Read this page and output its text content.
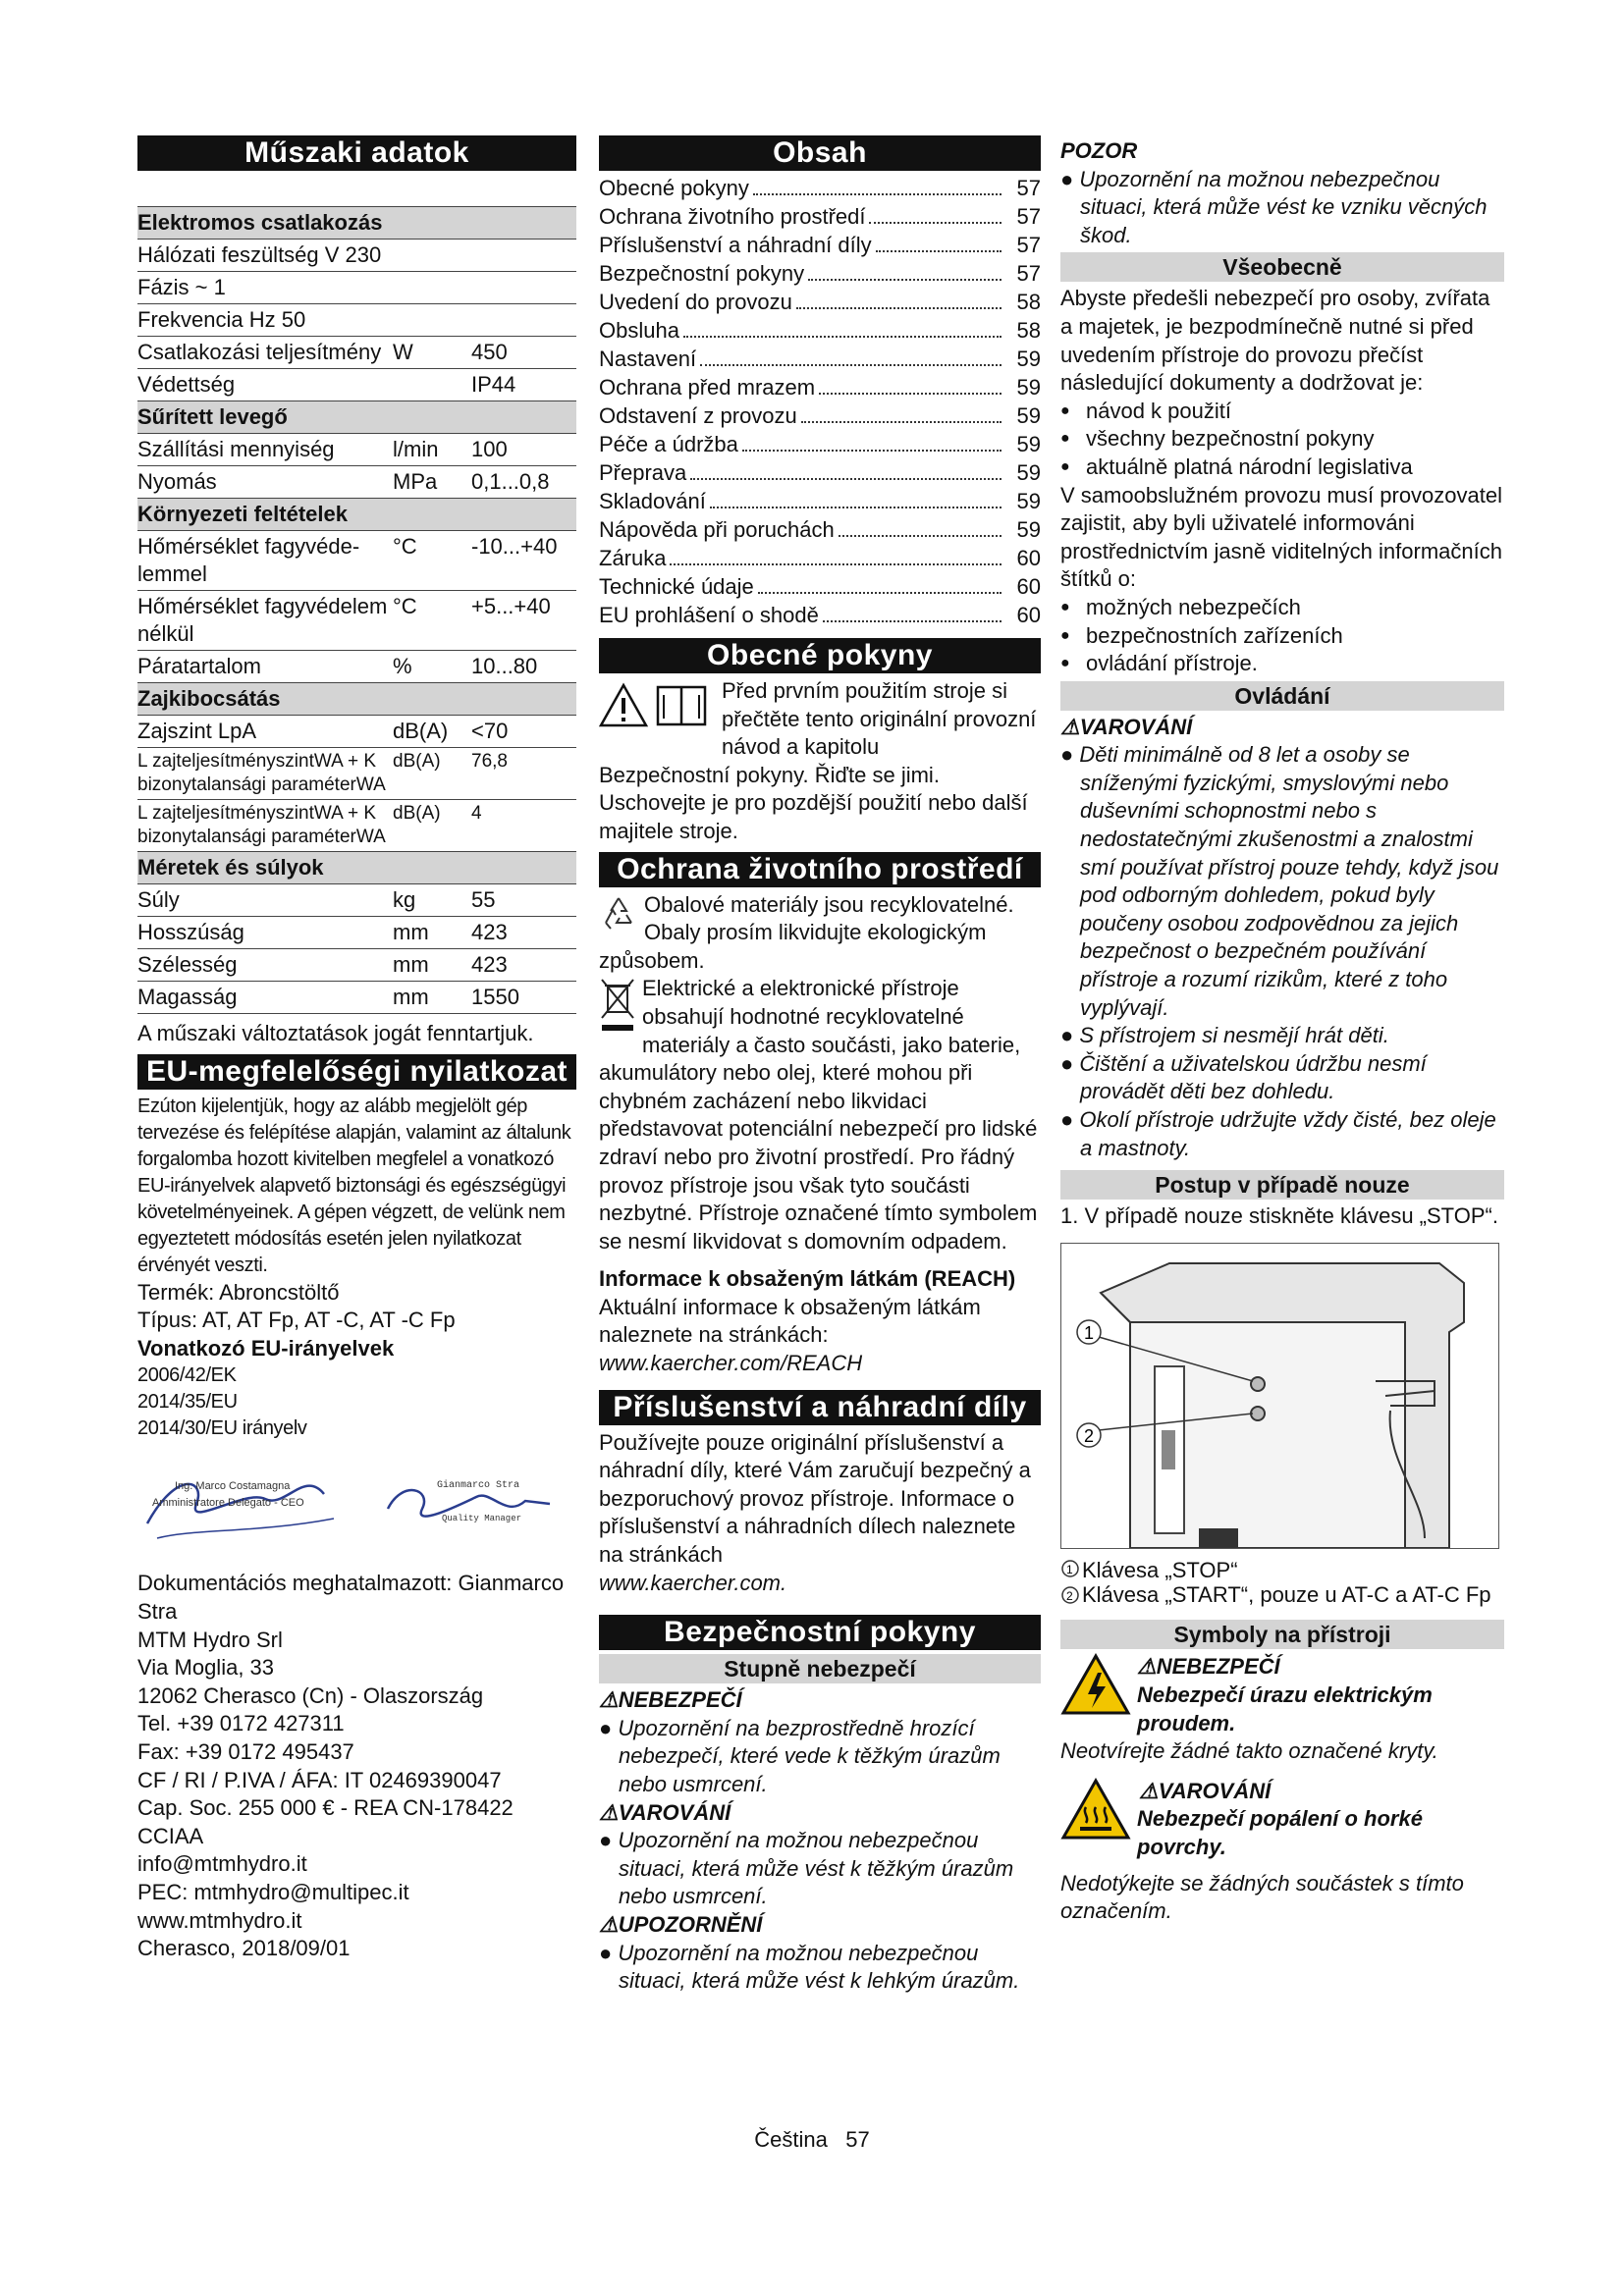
Műszaki adatok

Elektromos csatlakozás		
Hálózati feszültség V 230		
Fázis ~ 1		
Frekvencia Hz 50		
Csatlakozási teljesítmény	W	450
Védettség		IP44
Sűrített levegő		
Szállítási mennyiség	l/min	100
Nyomás	MPa	0,1...0,8
Környezeti feltételek		
Hőmérséklet fagyvédelemmel	°C	-10...+40
Hőmérséklet fagyvédelem nélkül	°C	+5...+40
Páratartalom	%	10...80
Zajkibocsátás		
Zajszint LpA	dB(A)	<70
L zajteljesítményszintWA + K bizonytalansági paraméterWA	dB(A)	76,8
L zajteljesítményszintWA + K bizonytalansági paraméterWA	dB(A)	4
Méretek és súlyok		
Súly	kg	55
Hosszúság	mm	423
Szélesség	mm	423
Magasság	mm	1550

A műszaki változtatások jogát fenntartjuk.

EU-megfelelőségi nyilatkozat

Ezúton kijelentjük, hogy az alább megjelölt gép tervezése és felépítése alapján, valamint az általunk forgalomba hozott kivitelben megfelel a vonatkozó EU-irányelvek alapvető biztonsági és egészségügyi követelményeinek. A gépen végzett, de velünk nem egyeztetett módosítás esetén jelen nyilatkozat érvényét veszti.

Termék: Abroncstöltő

Típus: AT, AT Fp, AT -C, AT -C Fp

Vonatkozó EU-irányelvek

2006/42/EK

2014/35/EU

2014/30/EU irányelv

Ing. Marco Costamagna
Amministratore Delegato - CEO
Gianmarco Stra
Quality Manager

Dokumentációs meghatalmazott: Gianmarco Stra

MTM Hydro Srl

Via Moglia, 33

12062 Cherasco (Cn) - Olaszország

Tel. +39 0172 427311

Fax: +39 0172 495437

CF / RI / P.IVA / ÁFA: IT 02469390047

Cap. Soc. 255 000 € - REA CN-178422 CCIAA

info@mtmhydro.it

PEC: mtmhydro@multipec.it

www.mtmhydro.it

Cherasco, 2018/09/01

Obsah
Obecné pokyny	57
Ochrana životního prostředí	57
Příslušenství a náhradní díly	57
Bezpečnostní pokyny	57
Uvedení do provozu	58
Obsluha	58
Nastavení	59
Ochrana před mrazem	59
Odstavení z provozu	59
Péče a údržba	59
Přeprava	59
Skladování	59
Nápověda při poruchách	59
Záruka	60
Technické údaje	60
EU prohlášení o shodě	60
Obecné pokyny

Před prvním použitím stroje si přečtěte tento originální provozní návod a kapitolu

Bezpečnostní pokyny. Řiďte se jimi. Uschovejte je pro pozdější použití nebo další majitele stroje.

Ochrana životního prostředí

Obalové materiály jsou recyklovatelné. Obaly prosím likvidujte ekologickým způsobem.

Elektrické a elektronické přístroje obsahují hodnotné recyklovatelné materiály a často součásti, jako baterie, akumulátory nebo olej, které mohou při chybném zacházení nebo likvidaci představovat potenciální nebezpečí pro lidské zdraví nebo pro životní prostředí. Pro řádný provoz přístroje jsou však tyto součásti nezbytné. Přístroje označené tímto symbolem se nesmí likvidovat s domovním odpadem.

Informace k obsaženým látkám (REACH)

Aktuální informace k obsaženým látkám naleznete na stránkách:

www.kaercher.com/REACH

Příslušenství a náhradní díly

Používejte pouze originální příslušenství a náhradní díly, které Vám zaručují bezpečný a bezporuchový provoz přístroje. Informace o příslušenství a náhradních dílech naleznete na stránkách

www.kaercher.com.

Bezpečnostní pokyny
Stupně nebezpečí

⚠NEBEZPEČÍ

● Upozornění na bezprostředně hrozící nebezpečí, které vede k těžkým úrazům nebo usmrcení.

⚠VAROVÁNÍ

● Upozornění na možnou nebezpečnou situaci, která může vést k těžkým úrazům nebo usmrcení.

⚠UPOZORNĚNÍ

● Upozornění na možnou nebezpečnou situaci, která může vést k lehkým úrazům.

POZOR

● Upozornění na možnou nebezpečnou situaci, která může vést ke vzniku věcných škod.

Všeobecně

Abyste předešli nebezpečí pro osoby, zvířata a majetek, je bezpodmínečně nutné si před uvedením přístroje do provozu přečíst následující dokumenty a dodržovat je:

● návod k použití
● všechny bezpečnostní pokyny
● aktuálně platná národní legislativa

V samoobslužném provozu musí provozovatel zajistit, aby byli uživatelé informováni prostřednictvím jasně viditelných informačních štítků o:

● možných nebezpečích
● bezpečnostních zařízeních
● ovládání přístroje.
Ovládání

⚠VAROVÁNÍ

● Děti minimálně od 8 let a osoby se sníženými fyzickými, smyslovými nebo duševními schopnostmi nebo s nedostatečnými zkušenostmi a znalostmi smí používat přístroj pouze tehdy, když jsou pod odborným dohledem, pokud byly poučeny osobou zodpovědnou za jejich bezpečnost o bezpečném používání přístroje a rozumí rizikům, které z toho vyplývají.

● S přístrojem si nesmějí hrát děti.

● Čištění a uživatelskou údržbu nesmí provádět děti bez dohledu.

● Okolí přístroje udržujte vždy čisté, bez oleje a mastnoty.

Postup v případě nouze

1. V případě nouze stiskněte klávesu „STOP“.

1
2
1 Klávesa „STOP“
2 Klávesa „START“, pouze u AT-C a AT-C Fp
Symboly na přístroji

⚠NEBEZPEČÍ

Nebezpečí úrazu elektrickým proudem.

Neotvírejte žádné takto označené kryty.

⚠VAROVÁNÍ

Nebezpečí popálení o horké povrchy.

Nedotýkejte se žádných součástek s tímto označením.

Čeština 57
